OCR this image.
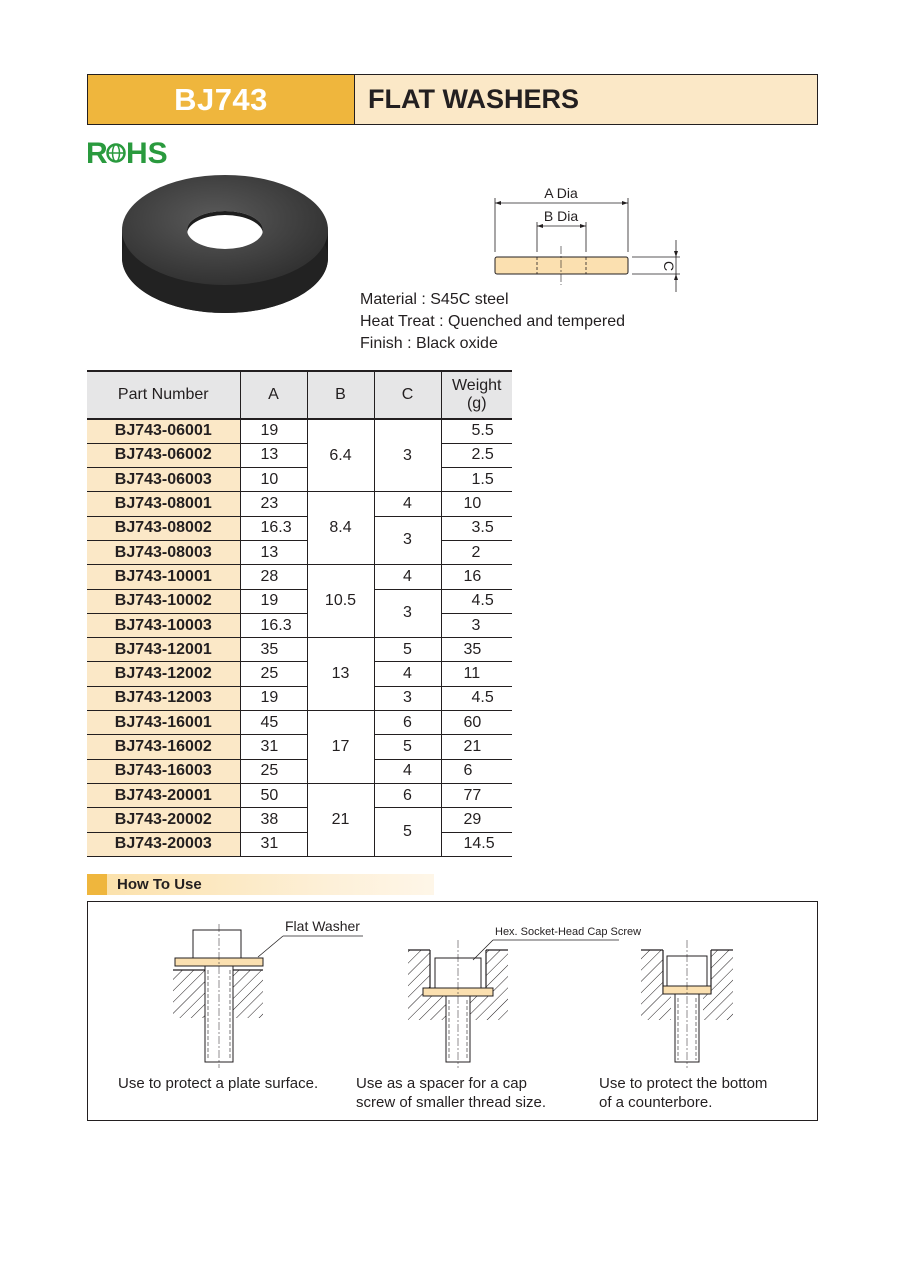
BJ743	FLAT WASHERS
R HS
A Dia
B Dia
C
Material : S45C steel
Heat Treat : Quenched and tempered
Finish : Black oxide
Part Number	A	B	C	Weight
(g)

BJ743-06001	19	6.4	3	5.5
BJ743-06002	13			2.5
BJ743-06003	10			1.5
BJ743-08001	23	8.4	4	10
BJ743-08002	16.3		3	3.5
BJ743-08003	13			2
BJ743-10001	28	10.5	4	16
BJ743-10002	19		3	4.5
BJ743-10003	16.3			3
BJ743-12001	35	13	5	35
BJ743-12002	25		4	11
BJ743-12003	19		3	4.5
BJ743-16001	45	17	6	60
BJ743-16002	31		5	21
BJ743-16003	25		4	6
BJ743-20001	50	21	6	77
BJ743-20002	38		5	29
BJ743-20003	31			14.5
How To Use
Flat Washer	Hex. Socket-Head Cap Screw
Use to protect a plate surface.	Use as a spacer for a cap
screw of smaller thread size.
Use to protect the bottom
of a counterbore.
